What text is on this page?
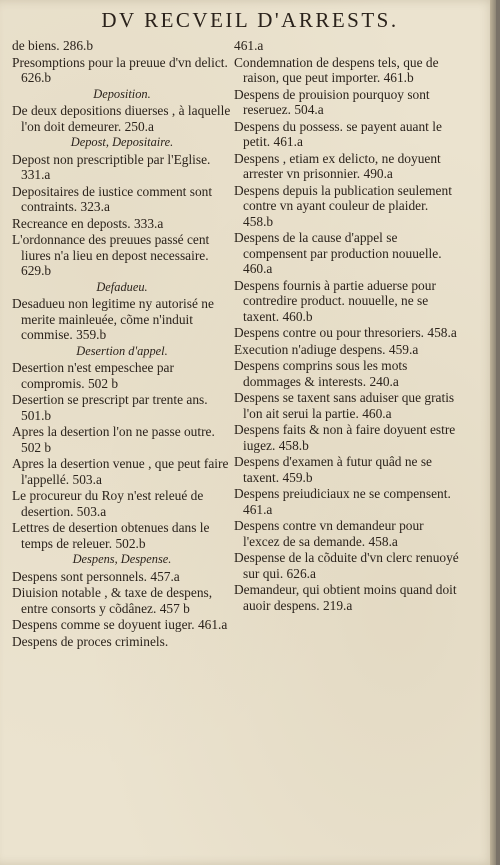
DV RECVEIL D'ARRESTS.
de biens. 286.b
Presomptions pour la preuue d'vn delict. 626.b
Deposition.
De deux depositions diuerses , à laquelle l'on doit demeurer. 250.a
Depost, Depositaire.
Depost non prescriptible par l'Eglise. 331.a
Depositaires de iustice comment sont contraints. 323.a
Recreance en deposts. 333.a
L'ordonnance des preuues passé cent liures n'a lieu en depost necessaire. 629.b
Defadueu.
Desadueu non legitime ny autorisé ne merite mainleuée, cõme n'induit commise. 359.b
Desertion d'appel.
Desertion n'est empeschee par compromis. 502 b
Desertion se prescript par trente ans. 501.b
Apres la desertion l'on ne passe outre. 502 b
Apres la desertion venue , que peut faire l'appellé. 503.a
Le procureur du Roy n'est releué de desertion. 503.a
Lettres de desertion obtenues dans le temps de releuer. 502.b
Despens, Despense.
Despens sont personnels. 457.a
Diuision notable , & taxe de despens, entre consorts y cõdânez. 457 b
Despens comme se doyuent iuger. 461.a
Despens de proces criminels.
461.a
Condemnation de despens tels, que de raison, que peut importer. 461.b
Despens de prouision pourquoy sont reseruez. 504.a
Despens du possess. se payent auant le petit. 461.a
Despens , etiam ex delicto, ne doyuent arrester vn prisonnier. 490.a
Despens depuis la publication seulement contre vn ayant couleur de plaider. 458.b
Despens de la cause d'appel se compensent par production nouuelle. 460.a
Despens fournis à partie aduerse pour contredire product. nouuelle, ne se taxent. 460.b
Despens contre ou pour thresoriers. 458.a
Execution n'adiuge despens. 459.a
Despens comprins sous les mots dommages & interests. 240.a
Despens se taxent sans aduiser que gratis l'on ait serui la partie. 460.a
Despens faits & non à faire doyuent estre iugez. 458.b
Despens d'examen à futur quâd ne se taxent. 459.b
Despens preiudiciaux ne se compensent. 461.a
Despens contre vn demandeur pour l'excez de sa demande. 458.a
Despense de la cõduite d'vn clerc renuoyé sur qui. 626.a
Demandeur, qui obtient moins quand doit auoir despens. 219.a
